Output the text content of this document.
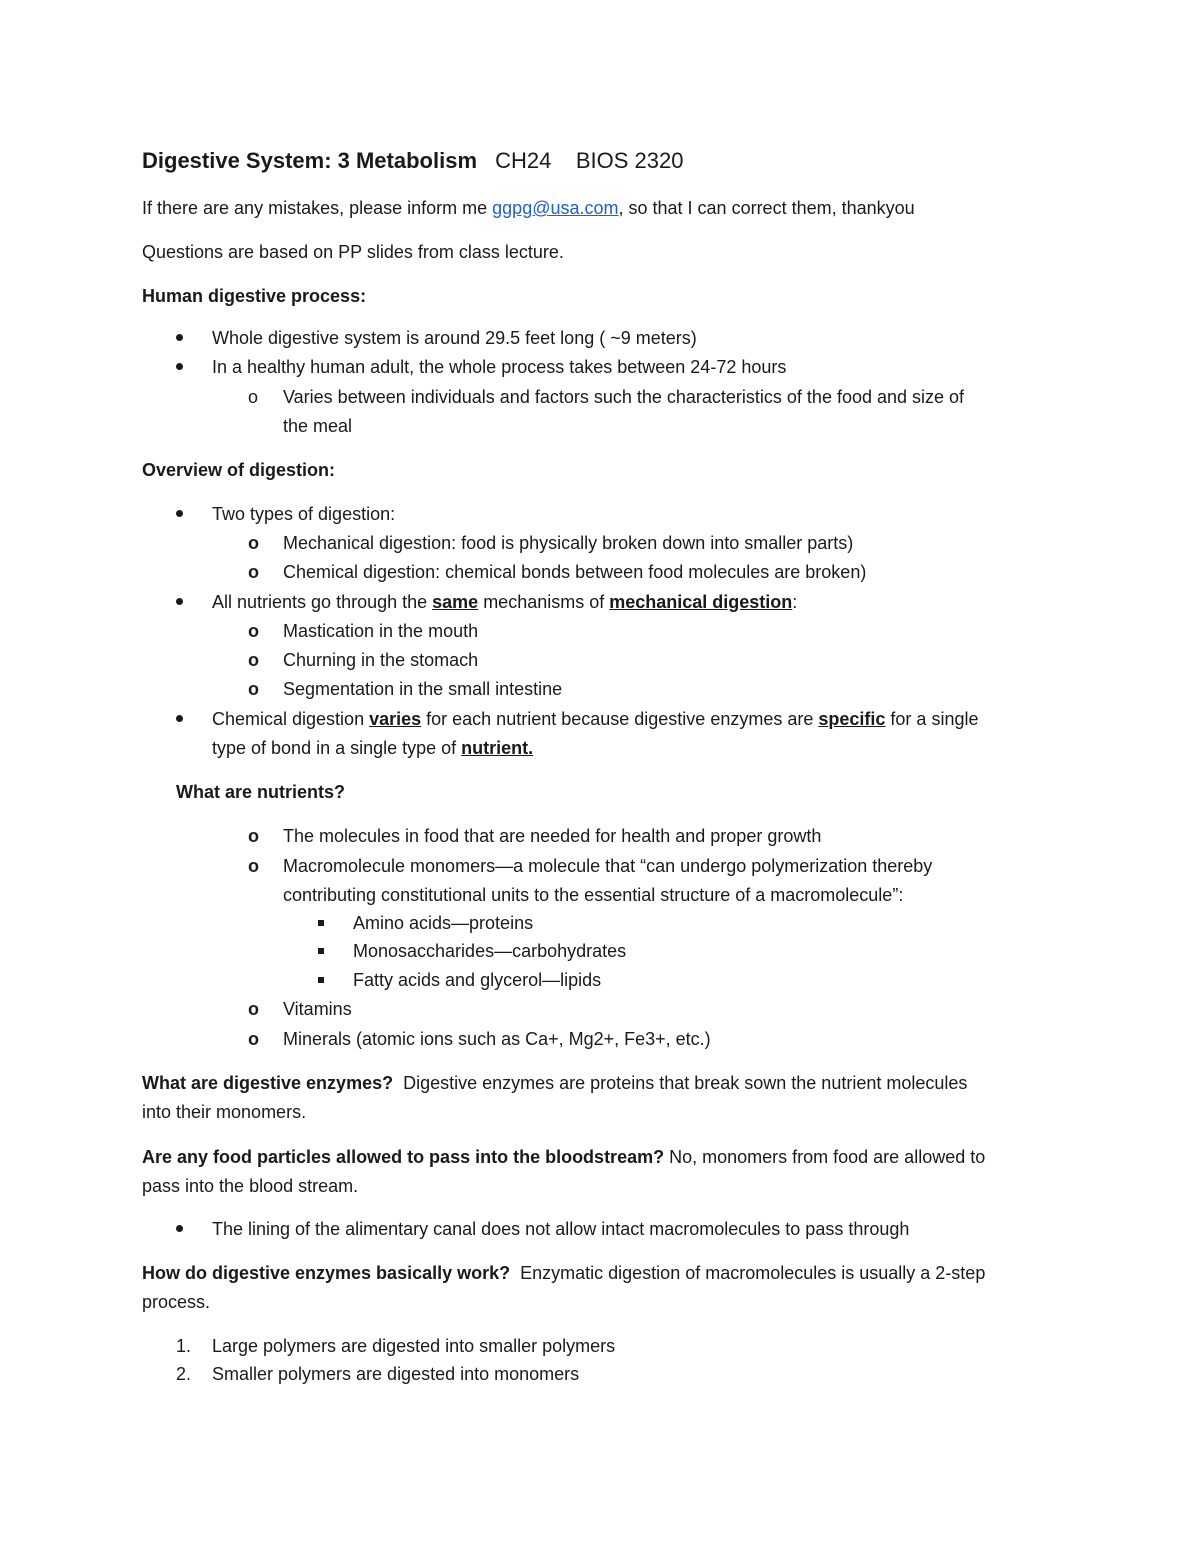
Digestive System: 3 Metabolism CH24    BIOS 2320
If there are any mistakes, please inform me ggpg@usa.com, so that I can correct them, thankyou
Questions are based on PP slides from class lecture.
Human digestive process:
Whole digestive system is around 29.5 feet long ( ~9 meters)
In a healthy human adult, the whole process takes between 24-72 hours
o Varies between individuals and factors such the characteristics of the food and size of
the meal
Overview of digestion:
Two types of digestion:
o Mechanical digestion: food is physically broken down into smaller parts)
o Chemical digestion: chemical bonds between food molecules are broken)
All nutrients go through the same mechanisms of mechanical digestion:
o Mastication in the mouth
o Churning in the stomach
o Segmentation in the small intestine
Chemical digestion varies for each nutrient because digestive enzymes are specific for a single
type of bond in a single type of nutrient.
What are nutrients?
o The molecules in food that are needed for health and proper growth
o Macromolecule monomers—a molecule that “can undergo polymerization thereby
contributing constitutional units to the essential structure of a macromolecule”:
Amino acids—proteins
Monosaccharides—carbohydrates
Fatty acids and glycerol—lipids
o Vitamins
o Minerals (atomic ions such as Ca+, Mg2+, Fe3+, etc.)
What are digestive enzymes?  Digestive enzymes are proteins that break sown the nutrient molecules
into their monomers.
Are any food particles allowed to pass into the bloodstream? No, monomers from food are allowed to
pass into the blood stream.
The lining of the alimentary canal does not allow intact macromolecules to pass through
How do digestive enzymes basically work?  Enzymatic digestion of macromolecules is usually a 2-step
process.
1. Large polymers are digested into smaller polymers
2. Smaller polymers are digested into monomers
